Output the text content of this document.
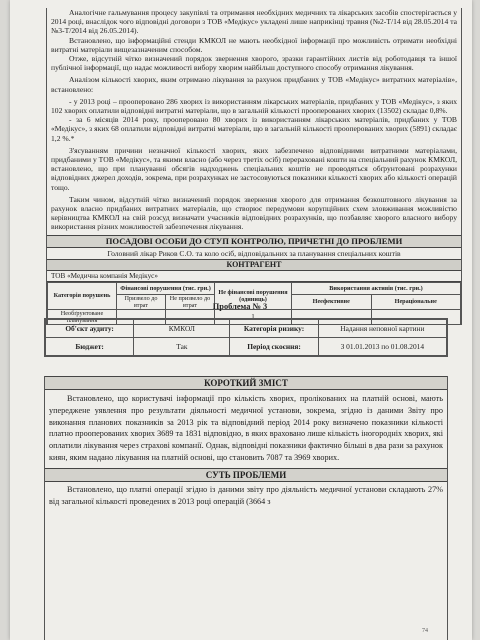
Аналогічне гальмування процесу закупівлі та отримання необхідних медичних та лікарських засобів спостерігається у 2014 році, внаслідок чого відповідні договори з ТОВ «Медікус» укладені лише наприкінці травня (№2-Т/14 від 28.05.2014 та №3-Т/2014 від 26.05.2014).

Встановлено, що інформаційні стенди КМКОЛ не мають необхідної інформації про можливість отримати необхідні витратні матеріали вищезазначеним способом.

Отже, відсутній чітко визначений порядок звернення хворого, зразки гарантійних листів від роботодавця та іншої публічної інформації, що надає можливості вибору хворим найбільш доступного способу отримання лікування.

Аналізом кількості хворих, яким отримано лікування за рахунок придбаних у ТОВ «Медікус» витратних матеріалів», встановлено:

- у 2013 році – прооперовано 286 хворих із використанням лікарських матеріалів, придбаних у ТОВ «Медікус», з яких 102 хворих оплатили відповідні витратні матеріали, що в загальній кількості прооперованих хворих (13502) складає 0,8%.

- за 6 місяців 2014 року, прооперовано 80 хворих із використанням лікарських матеріалів, придбаних у ТОВ «Медікус», з яких 68 оплатили відповідні витратні матеріали, що в загальній кількості прооперованих хворих (5891) складає 1,2 %.*

З'ясуванням причини незначної кількості хворих, яких забезпечено відповідними витратними матеріалами, придбаними у ТОВ «Медікус», та якими власно (або через третіх осіб) перераховані кошти на спеціальний рахунок КМКОЛ, встановлено, що при плануванні обсягів надходжень спеціальних коштів не проводяться обґрунтовані розрахунки відповідних джерел доходів, зокрема, при розрахунках не застосовуються показники кількості хворих або кількості операцій тощо.

Таким чином, відсутній чітко визначений порядок звернення хворого для отримання безкоштовного лікування за рахунок власно придбаних витратних матеріалів, що створює передумови корупційних схем зловживання можливістю керівництва КМКОЛ на свій розсуд визначати учасників відповідних розрахунків, що позбавляє хворого власного вибору використання різних можливостей забезпечення лікування.

ПОСАДОВІ ОСОБИ ДО СТУП КОНТРОЛЮ, ПРИЧЕТНІ ДО ПРОБЛЕМИ
Головний лікар Риков С.О. та коло осіб, відповідальних за планування спеціальних коштів
КОНТРАГЕНТ
ТОВ «Медична компанія Медікус»
Категорія порушень	Фінансові порушення (тис. грн.)		Не фінансові порушення (одиниць)	Використання активів (тис. грн.)	
	Призвело до втрат	Не призвело до втрат		Неефективне	Нераціональне
Необґрунтоване планування			1		
Проблема № 3
Об'єкт аудиту:	КМКОЛ	Категорія ризику:	Надання неповної картини
Бюджет:	Так	Період скоєння:	З 01.01.2013 по 01.08.2014
КОРОТКИЙ ЗМІСТ

Встановлено, що користувачі інформації про кількість хворих, пролікованих на платній основі, мають упереджене уявлення про результати діяльності медичної установи, зокрема, згідно із даними Звіту про виконання планових показників за 2013 рік та відповідний період 2014 року визначено показники кількості платно прооперованих хворих 3689 та 1831 відповідно, в яких враховано лише кількість іногородніх хворих, які оплатили лікування через страхові компанії. Однак, відповідні показники фактично більші в два рази за рахунок киян, яким надано лікування на платній основі, що становить 7087 та 3969 хворих.

СУТЬ ПРОБЛЕМИ

Встановлено, що платні операції згідно із даними звіту про діяльність медичної установи складають 27% від загальної кількості проведених в 2013 році операцій (3664 з

74
